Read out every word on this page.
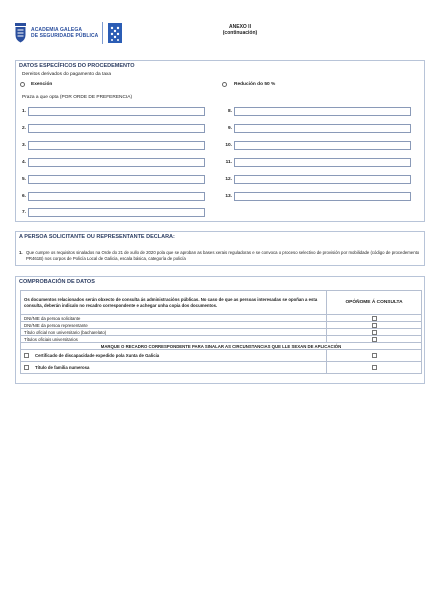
ACADEMIA GALEGA
DE SEGURIDADE PÚBLICA
ANEXO II
(continuación)
DATOS ESPECÍFICOS DO PROCEDEMENTO
Dereitos derivados do pagamento da taxa
Exención	Redución do 50 %
Praza a que opta (POR ORDE DE PREFERENCIA)
1.
2.
3.
4.
5.
6.
7.
8.
9.
10.
11.
12.
13.
A PERSOA SOLICITANTE OU REPRESENTANTE DECLARA:
1. Que cumpre os requisitos sinalados na Orde do 21 de xullo de 2020 pola que se aproban as bases xerais reguladoras e se convoca o proceso selectivo de provisión por mobilidade (código de procedemento PR461B) nos corpos de Policía Local de Galicia, escala básica, categoría de policía
COMPROBACIÓN DE DATOS
Os documentos relacionados serán obxecto de consulta ás administracións públicas. No caso de que as persoas interesadas se opoñan a esta consulta, deberán indicalo no recadro correspondente e achegar unha copia dos documentos.	OPÓÑOME Á CONSULTA
DNI/NIE da persoa solicitante	
DNI/NIE da persoa representante	
Título oficial non universitario (bacharelato)	
Títulos oficiais universitarios	
MARQUE O RECADRO CORRESPONDENTE PARA SINALAR AS CIRCUNSTANCIAS QUE LLE SEXAN DE APLICACIÓN	
Certificado de discapacidade expedido pola Xunta de Galicia	
Título de familia numerosa	
